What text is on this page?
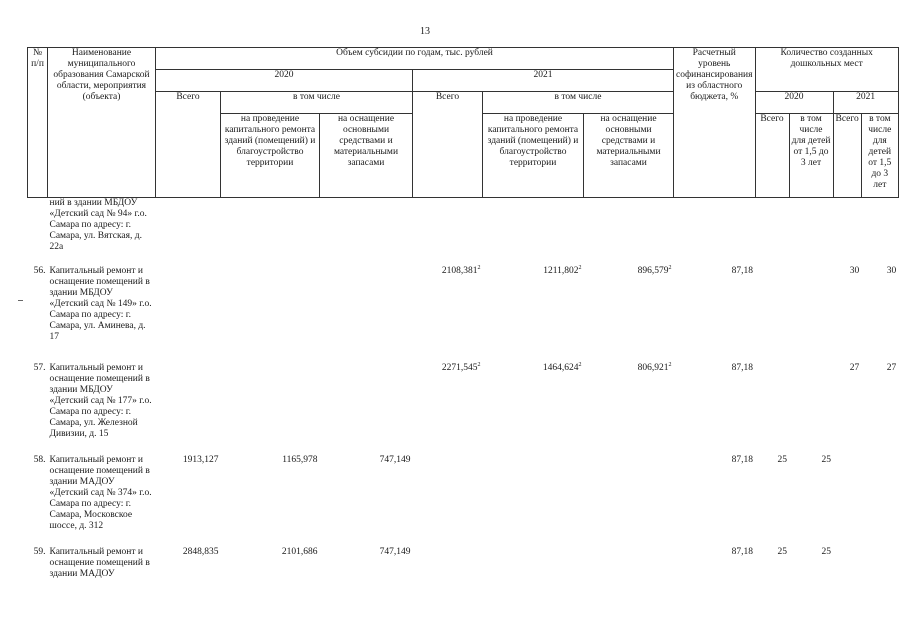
13
№ п/п	Наименование муниципального образования Самарской области, мероприятия (объекта)	Объем субсидии по годам, тыс. рублей						Расчетный уровень софинансирования из областного бюджета, %	Количество созданных дошкольных мест			
		2020			2021							
		Всего	в том числе		Всего	в том числе			2020		2021	
			на проведение капитального ремонта зданий (помещений) и благоустройство территории	на оснащение основными средствами и материальными запасами		на проведение капитального ремонта зданий (помещений) и благоустройство территории	на оснащение основными средствами и материальными запасами		Всего	в том числе для детей от 1,5 до 3 лет	Всего	в том числе для детей от 1,5 до 3 лет
	ний в здании МБДОУ «Детский сад № 94» г.о. Самара по адресу: г. Самара, ул. Вятская, д. 22а											
56.	Капитальный ремонт и оснащение помещений в здании МБДОУ «Детский сад № 149» г.о. Самара по адресу: г. Самара, ул. Аминева, д. 17				2108,381$^2$	1211,802$^2$	896,579$^2$	87,18			30	30
57.	Капитальный ремонт и оснащение помещений в здании МБДОУ «Детский сад № 177» г.о. Самара по адресу: г. Самара, ул. Железной Дивизии, д. 15				2271,545$^2$	1464,624$^2$	806,921$^2$	87,18			27	27
58.	Капитальный ремонт и оснащение помещений в здании МАДОУ «Детский сад № 374» г.о. Самара по адресу: г. Самара, Московское шоссе, д. 312	1913,127	1165,978	747,149				87,18	25	25		
59.	Капитальный ремонт и оснащение помещений в здании МАДОУ	2848,835	2101,686	747,149				87,18	25	25		
